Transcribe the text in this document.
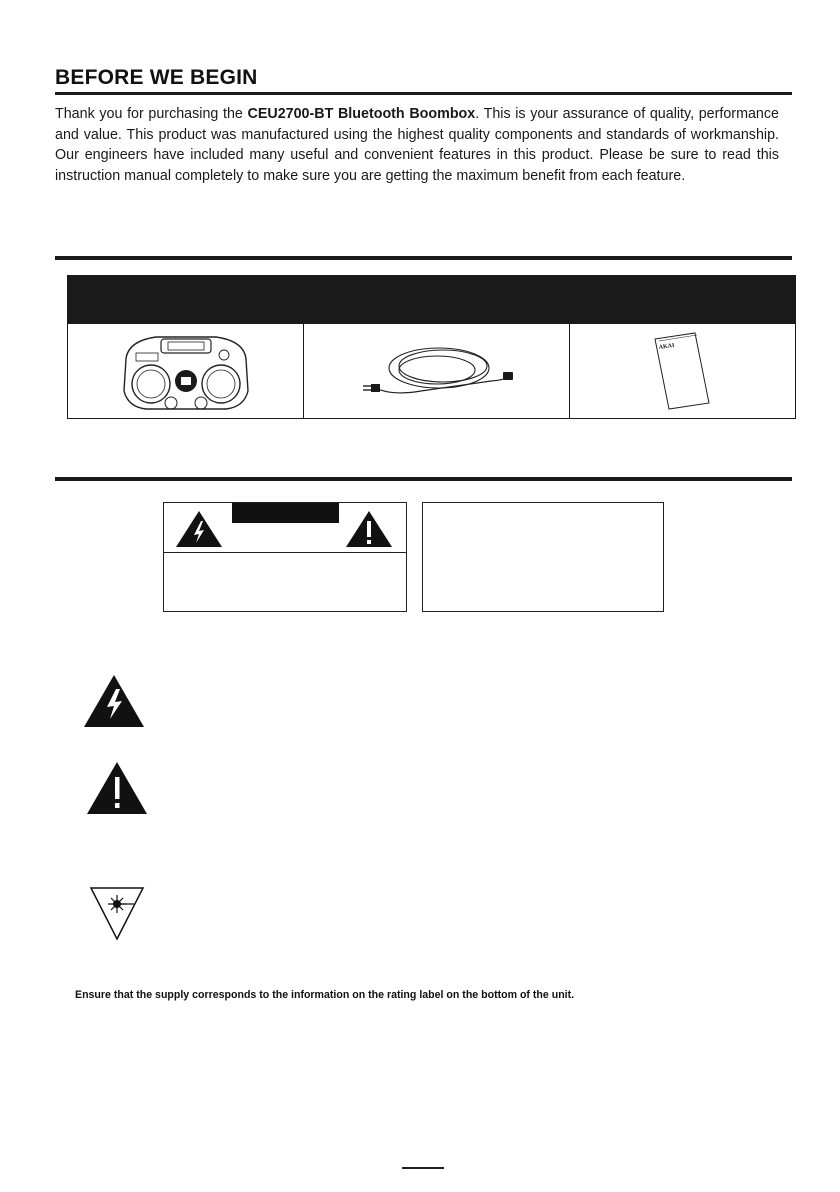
BEFORE WE BEGIN
Thank you for purchasing the CEU2700-BT Bluetooth Boombox. This is your assurance of quality, performance and value. This product was manufactured using the highest quality components and standards of workmanship. Our engineers have included many useful and convenient features in this product. Please be sure to read this instruction manual completely to make sure you are getting the maximum benefit from each feature.
AKAI
Ensure that the supply corresponds to the information on the rating label on the bottom of the unit.
